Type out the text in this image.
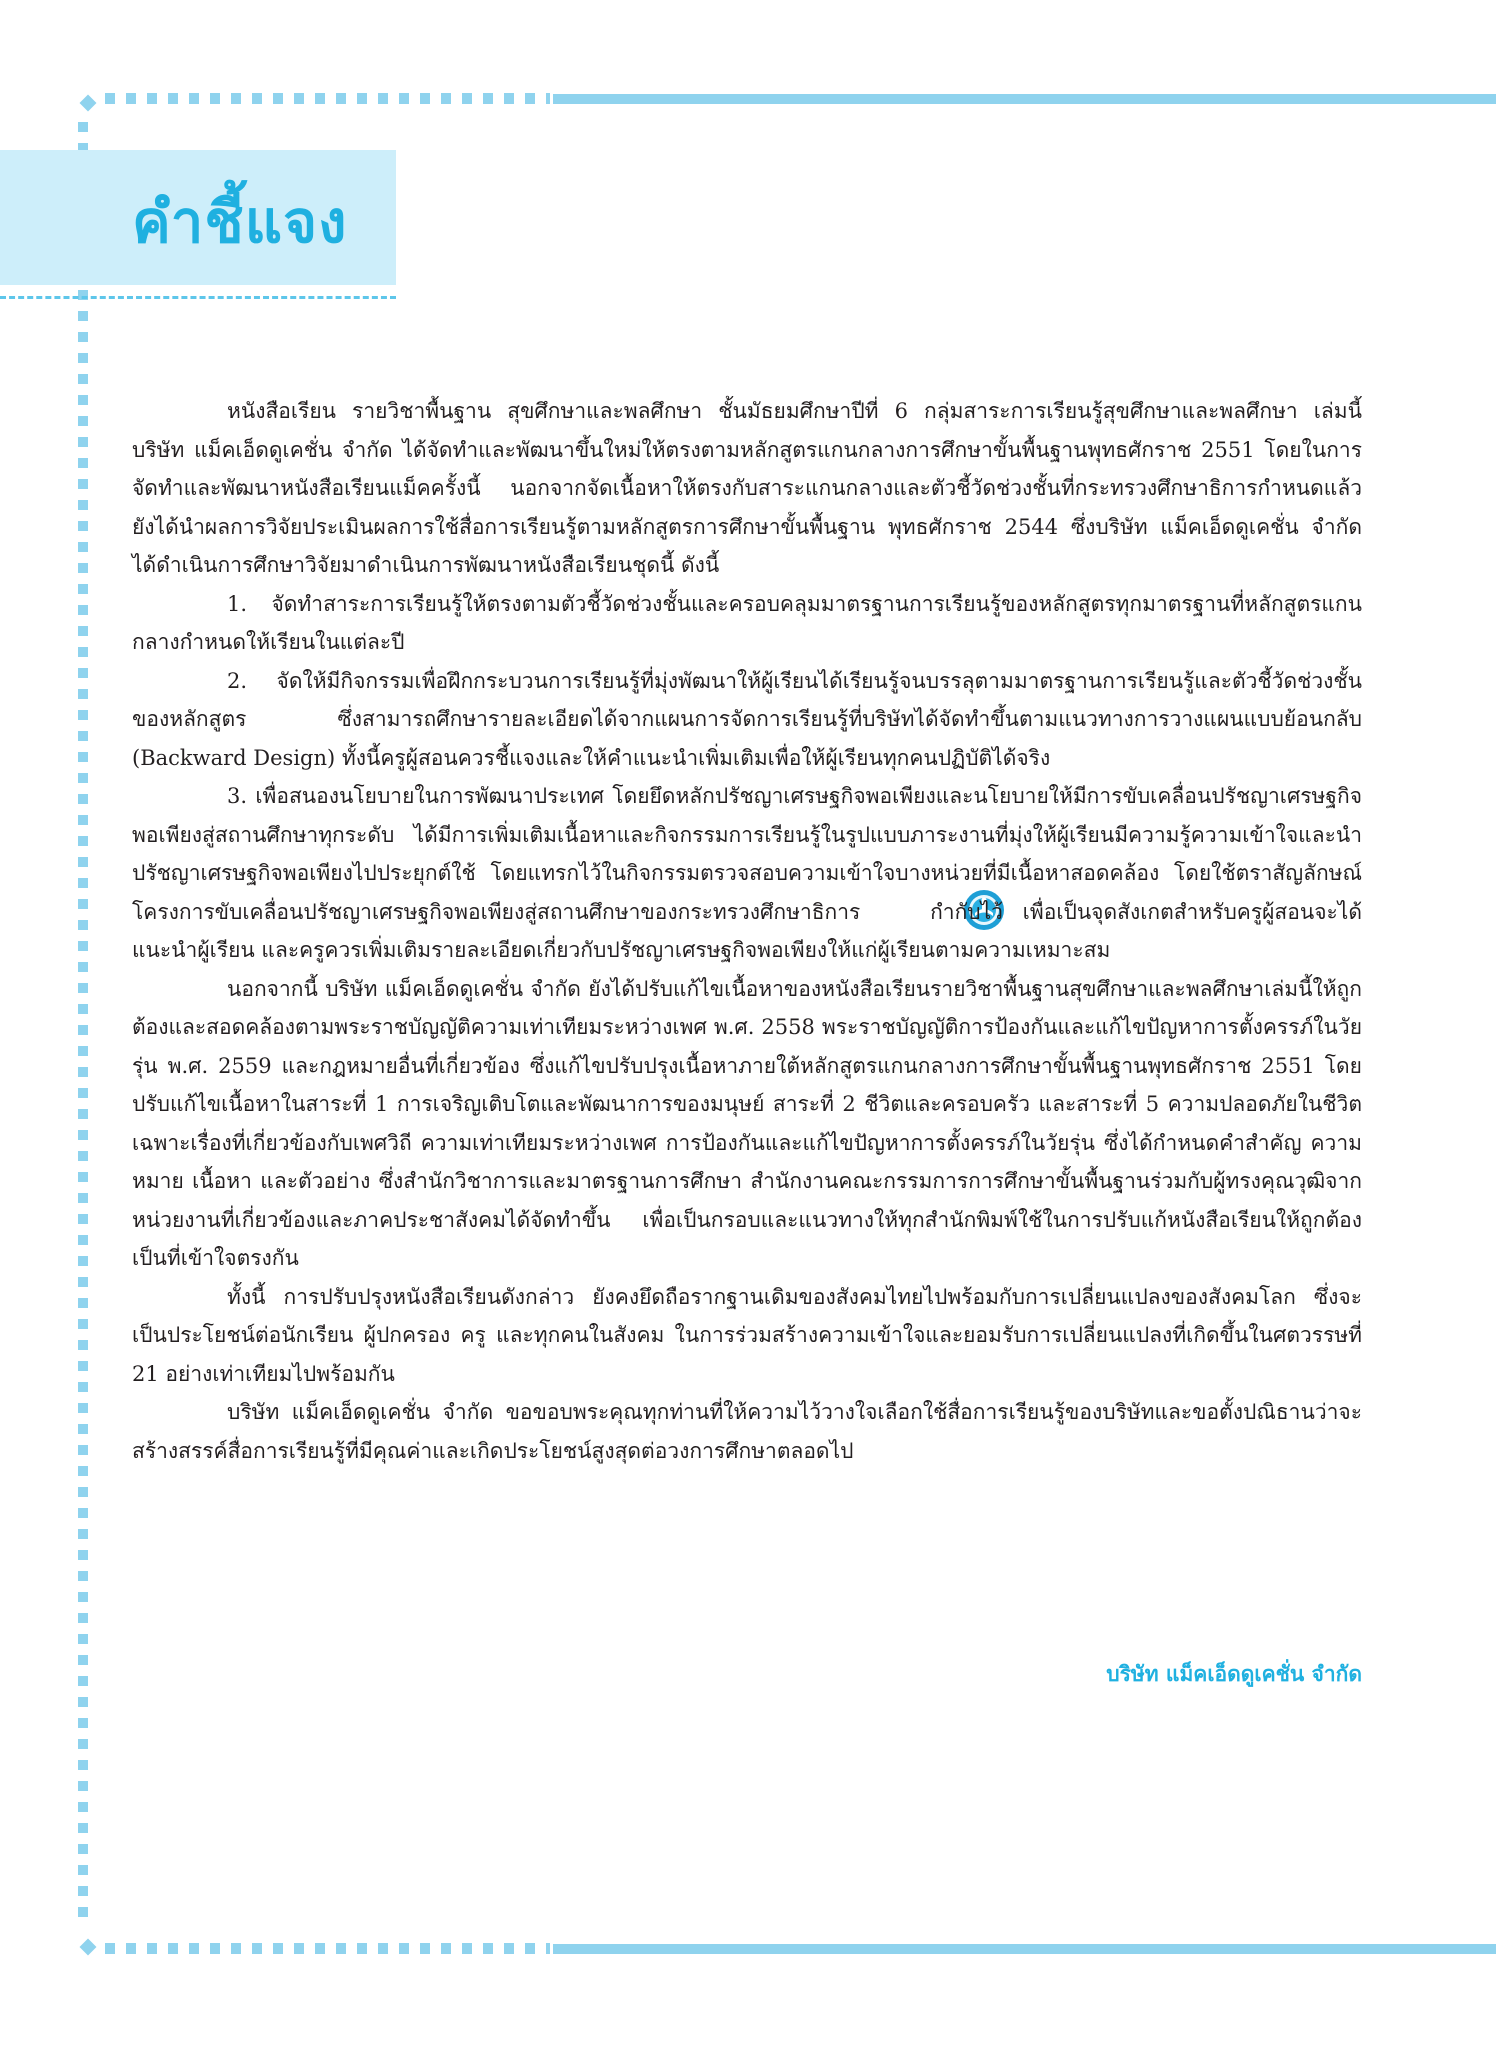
คำชี้แจง

หนังสือเรียน รายวิชาพื้นฐาน สุขศึกษาและพลศึกษา ชั้นมัธยมศึกษาปีที่ 6 กลุ่มสาระการเรียนรู้สุขศึกษาและพลศึกษา เล่มนี้ บริษัท แม็คเอ็ดดูเคชั่น จำกัด ได้จัดทำและพัฒนาขึ้นใหม่ให้ตรงตามหลักสูตรแกนกลางการศึกษาขั้นพื้นฐานพุทธศักราช 2551 โดยในการจัดทำและพัฒนาหนังสือเรียนแม็คครั้งนี้ นอกจากจัดเนื้อหาให้ตรงกับสาระแกนกลางและตัวชี้วัดช่วงชั้นที่กระทรวงศึกษาธิการกำหนดแล้ว ยังได้นำผลการวิจัยประเมินผลการใช้สื่อการเรียนรู้ตามหลักสูตรการศึกษาขั้นพื้นฐาน พุทธศักราช 2544 ซึ่งบริษัท แม็คเอ็ดดูเคชั่น จำกัด ได้ดำเนินการศึกษาวิจัยมาดำเนินการพัฒนาหนังสือเรียนชุดนี้ ดังนี้

1. จัดทำสาระการเรียนรู้ให้ตรงตามตัวชี้วัดช่วงชั้นและครอบคลุมมาตรฐานการเรียนรู้ของหลักสูตรทุกมาตรฐานที่หลักสูตรแกนกลางกำหนดให้เรียนในแต่ละปี

2. จัดให้มีกิจกรรมเพื่อฝึกกระบวนการเรียนรู้ที่มุ่งพัฒนาให้ผู้เรียนได้เรียนรู้จนบรรลุตามมาตรฐานการเรียนรู้และตัวชี้วัดช่วงชั้นของหลักสูตร ซึ่งสามารถศึกษารายละเอียดได้จากแผนการจัดการเรียนรู้ที่บริษัทได้จัดทำขึ้นตามแนวทางการวางแผนแบบย้อนกลับ (Backward Design) ทั้งนี้ครูผู้สอนควรชี้แจงและให้คำแนะนำเพิ่มเติมเพื่อให้ผู้เรียนทุกคนปฏิบัติได้จริง

3. เพื่อสนองนโยบายในการพัฒนาประเทศ โดยยึดหลักปรัชญาเศรษฐกิจพอเพียงและนโยบายให้มีการขับเคลื่อนปรัชญาเศรษฐกิจพอเพียงสู่สถานศึกษาทุกระดับ ได้มีการเพิ่มเติมเนื้อหาและกิจกรรมการเรียนรู้ในรูปแบบภาระงานที่มุ่งให้ผู้เรียนมีความรู้ความเข้าใจและนำปรัชญาเศรษฐกิจพอเพียงไปประยุกต์ใช้ โดยแทรกไว้ในกิจกรรมตรวจสอบความเข้าใจบางหน่วยที่มีเนื้อหาสอดคล้อง โดยใช้ตราสัญลักษณ์โครงการขับเคลื่อนปรัชญาเศรษฐกิจพอเพียงสู่สถานศึกษาของกระทรวงศึกษาธิการ	กำกับไว้ เพื่อเป็นจุดสังเกตสำหรับครูผู้สอนจะได้แนะนำผู้เรียน และครูควรเพิ่มเติมรายละเอียดเกี่ยวกับปรัชญาเศรษฐกิจพอเพียงให้แก่ผู้เรียนตามความเหมาะสม

นอกจากนี้ บริษัท แม็คเอ็ดดูเคชั่น จำกัด ยังได้ปรับแก้ไขเนื้อหาของหนังสือเรียนรายวิชาพื้นฐานสุขศึกษาและพลศึกษาเล่มนี้ให้ถูกต้องและสอดคล้องตามพระราชบัญญัติความเท่าเทียมระหว่างเพศ พ.ศ. 2558 พระราชบัญญัติการป้องกันและแก้ไขปัญหาการตั้งครรภ์ในวัยรุ่น พ.ศ. 2559 และกฎหมายอื่นที่เกี่ยวข้อง ซึ่งแก้ไขปรับปรุงเนื้อหาภายใต้หลักสูตรแกนกลางการศึกษาขั้นพื้นฐานพุทธศักราช 2551 โดยปรับแก้ไขเนื้อหาในสาระที่ 1 การเจริญเติบโตและพัฒนาการของมนุษย์ สาระที่ 2 ชีวิตและครอบครัว และสาระที่ 5 ความปลอดภัยในชีวิต เฉพาะเรื่องที่เกี่ยวข้องกับเพศวิถี ความเท่าเทียมระหว่างเพศ การป้องกันและแก้ไขปัญหาการตั้งครรภ์ในวัยรุ่น ซึ่งได้กำหนดคำสำคัญ ความหมาย เนื้อหา และตัวอย่าง ซึ่งสำนักวิชาการและมาตรฐานการศึกษา สำนักงานคณะกรรมการการศึกษาขั้นพื้นฐานร่วมกับผู้ทรงคุณวุฒิจากหน่วยงานที่เกี่ยวข้องและภาคประชาสังคมได้จัดทำขึ้น เพื่อเป็นกรอบและแนวทางให้ทุกสำนักพิมพ์ใช้ในการปรับแก้หนังสือเรียนให้ถูกต้องเป็นที่เข้าใจตรงกัน

ทั้งนี้ การปรับปรุงหนังสือเรียนดังกล่าว ยังคงยึดถือรากฐานเดิมของสังคมไทยไปพร้อมกับการเปลี่ยนแปลงของสังคมโลก ซึ่งจะเป็นประโยชน์ต่อนักเรียน ผู้ปกครอง ครู และทุกคนในสังคม ในการร่วมสร้างความเข้าใจและยอมรับการเปลี่ยนแปลงที่เกิดขึ้นในศตวรรษที่ 21 อย่างเท่าเทียมไปพร้อมกัน

บริษัท แม็คเอ็ดดูเคชั่น จำกัด ขอขอบพระคุณทุกท่านที่ให้ความไว้วางใจเลือกใช้สื่อการเรียนรู้ของบริษัทและขอตั้งปณิธานว่าจะสร้างสรรค์สื่อการเรียนรู้ที่มีคุณค่าและเกิดประโยชน์สูงสุดต่อวงการศึกษาตลอดไป

บริษัท แม็คเอ็ดดูเคชั่น จำกัด
